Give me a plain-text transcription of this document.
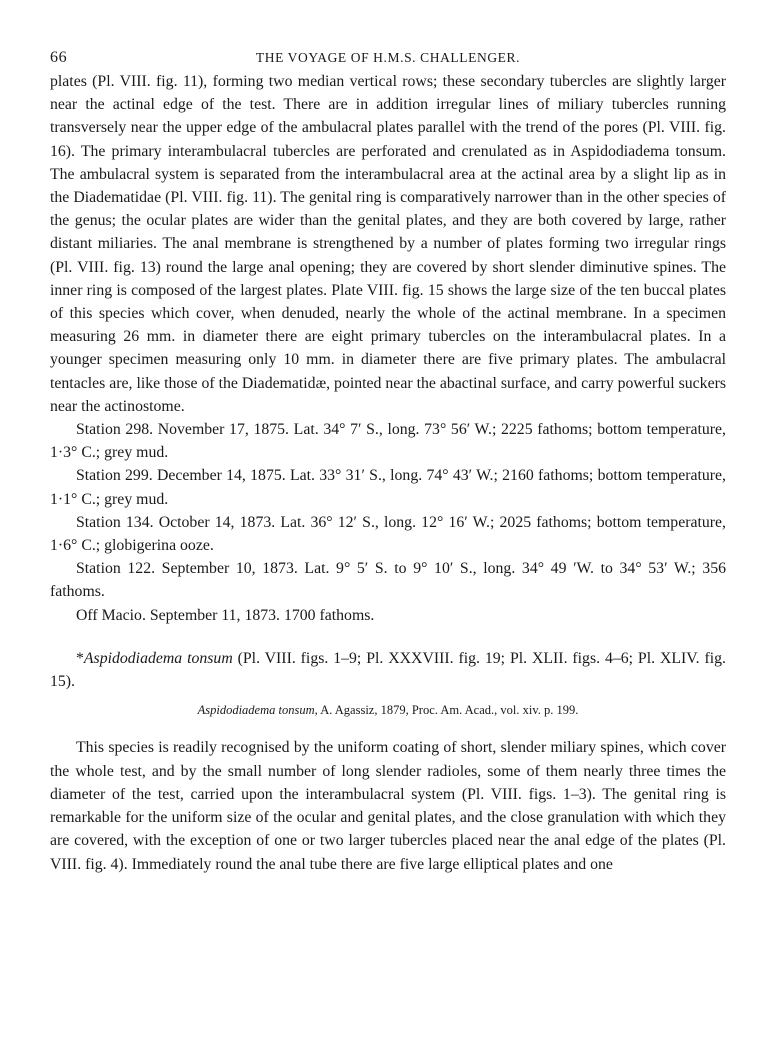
66	THE VOYAGE OF H.M.S. CHALLENGER.

plates (Pl. VIII. fig. 11), forming two median vertical rows; these secondary tubercles are slightly larger near the actinal edge of the test. There are in addition irregular lines of miliary tubercles running transversely near the upper edge of the ambulacral plates parallel with the trend of the pores (Pl. VIII. fig. 16). The primary interambulacral tubercles are perforated and crenulated as in Aspidodiadema tonsum. The ambulacral system is separated from the interambulacral area at the actinal area by a slight lip as in the Diadematidae (Pl. VIII. fig. 11). The genital ring is comparatively narrower than in the other species of the genus; the ocular plates are wider than the genital plates, and they are both covered by large, rather distant miliaries. The anal membrane is strengthened by a number of plates forming two irregular rings (Pl. VIII. fig. 13) round the large anal opening; they are covered by short slender diminutive spines. The inner ring is composed of the largest plates. Plate VIII. fig. 15 shows the large size of the ten buccal plates of this species which cover, when denuded, nearly the whole of the actinal membrane. In a specimen measuring 26 mm. in diameter there are eight primary tubercles on the interambulacral plates. In a younger specimen measuring only 10 mm. in diameter there are five primary plates. The ambulacral tentacles are, like those of the Diadematidæ, pointed near the abactinal surface, and carry powerful suckers near the actinostome.

Station 298. November 17, 1875. Lat. 34° 7′ S., long. 73° 56′ W.; 2225 fathoms; bottom temperature, 1·3° C.; grey mud.

Station 299. December 14, 1875. Lat. 33° 31′ S., long. 74° 43′ W.; 2160 fathoms; bottom temperature, 1·1° C.; grey mud.

Station 134. October 14, 1873. Lat. 36° 12′ S., long. 12° 16′ W.; 2025 fathoms; bottom temperature, 1·6° C.; globigerina ooze.

Station 122. September 10, 1873. Lat. 9° 5′ S. to 9° 10′ S., long. 34° 49 ′W. to 34° 53′ W.; 356 fathoms.

Off Macio. September 11, 1873. 1700 fathoms.

*Aspidodiadema tonsum (Pl. VIII. figs. 1–9; Pl. XXXVIII. fig. 19; Pl. XLII. figs. 4–6; Pl. XLIV. fig. 15).
Aspidodiadema tonsum, A. Agassiz, 1879, Proc. Am. Acad., vol. xiv. p. 199.

This species is readily recognised by the uniform coating of short, slender miliary spines, which cover the whole test, and by the small number of long slender radioles, some of them nearly three times the diameter of the test, carried upon the interambulacral system (Pl. VIII. figs. 1–3). The genital ring is remarkable for the uniform size of the ocular and genital plates, and the close granulation with which they are covered, with the exception of one or two larger tubercles placed near the anal edge of the plates (Pl. VIII. fig. 4). Immediately round the anal tube there are five large elliptical plates and one
